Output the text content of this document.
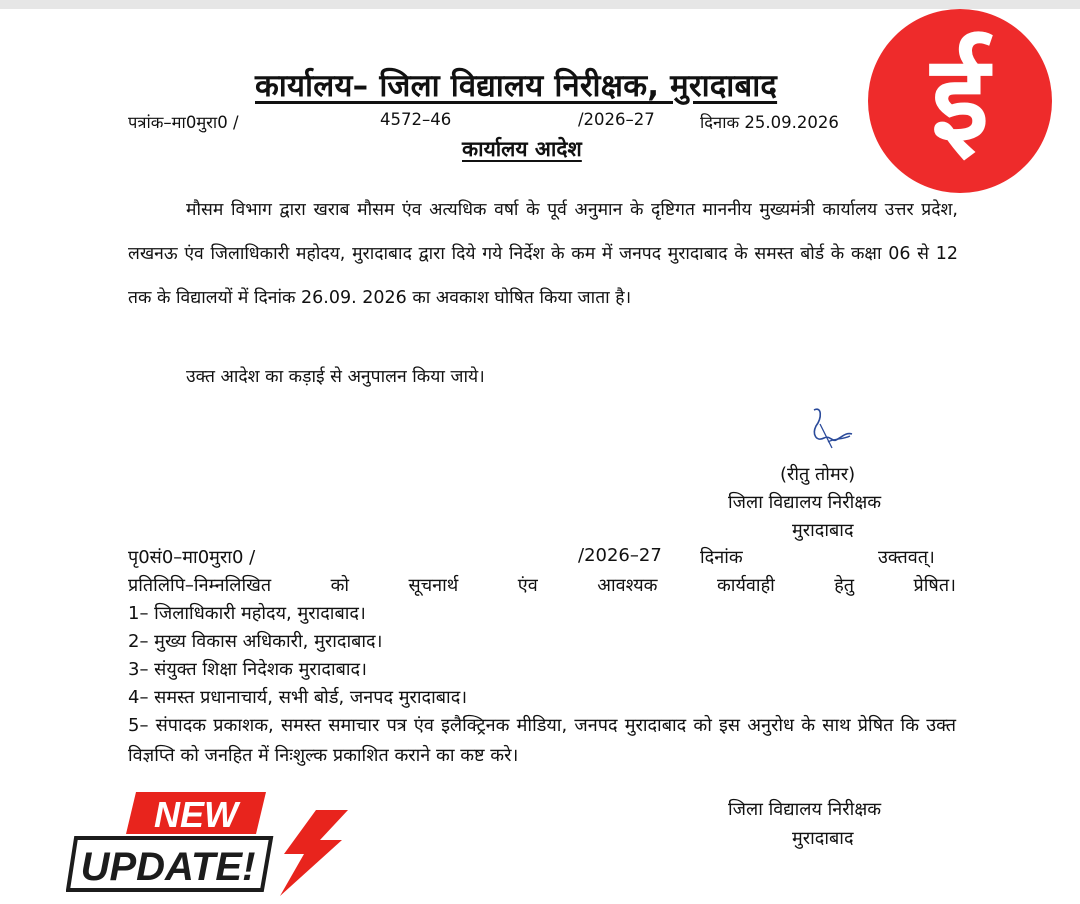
कार्यालय– जिला विद्यालय निरीक्षक, मुरादाबाद
पत्रांक–मा0मुरा0 /	4572–46	/2026–27	दिनाक 25.09.2026
कार्यालय आदेश
मौसम विभाग द्वारा खराब मौसम एंव अत्यधिक वर्षा के पूर्व अनुमान के दृष्टिगत माननीय मुख्यमंत्री कार्यालय उत्तर प्रदेश, लखनऊ एंव जिलाधिकारी महोदय, मुरादाबाद द्वारा दिये गये निर्देश के कम में जनपद मुरादाबाद के समस्त बोर्ड के कक्षा 06 से 12 तक के विद्यालयों में दिनांक 26.09. 2026 का अवकाश घोषित किया जाता है।
उक्त आदेश का कड़ाई से अनुपालन किया जाये।
(रीतु तोमर)
जिला विद्यालय निरीक्षक
मुरादाबाद
पृ0सं0–मा0मुरा0 /	/2026–27 दिनांक	उक्तवत्।
प्रतिलिपि–निम्नलिखित	को	सूचनार्थ	एंव	आवश्यक	कार्यवाही	हेतु	प्रेषित।
1– जिलाधिकारी महोदय, मुरादाबाद।
2– मुख्य विकास अधिकारी, मुरादाबाद।
3– संयुक्त शिक्षा निदेशक मुरादाबाद।
4– समस्त प्रधानाचार्य, सभी बोर्ड, जनपद मुरादाबाद।
5– संपादक प्रकाशक, समस्त समाचार पत्र एंव इलैक्ट्रिनक मीडिया, जनपद मुरादाबाद को इस अनुरोध के साथ प्रेषित कि उक्त विज्ञप्ति को जनहित में निःशुल्क प्रकाशित कराने का कष्ट करे।
जिला विद्यालय निरीक्षक
मुरादाबाद
ई
NEW
UPDATE!
